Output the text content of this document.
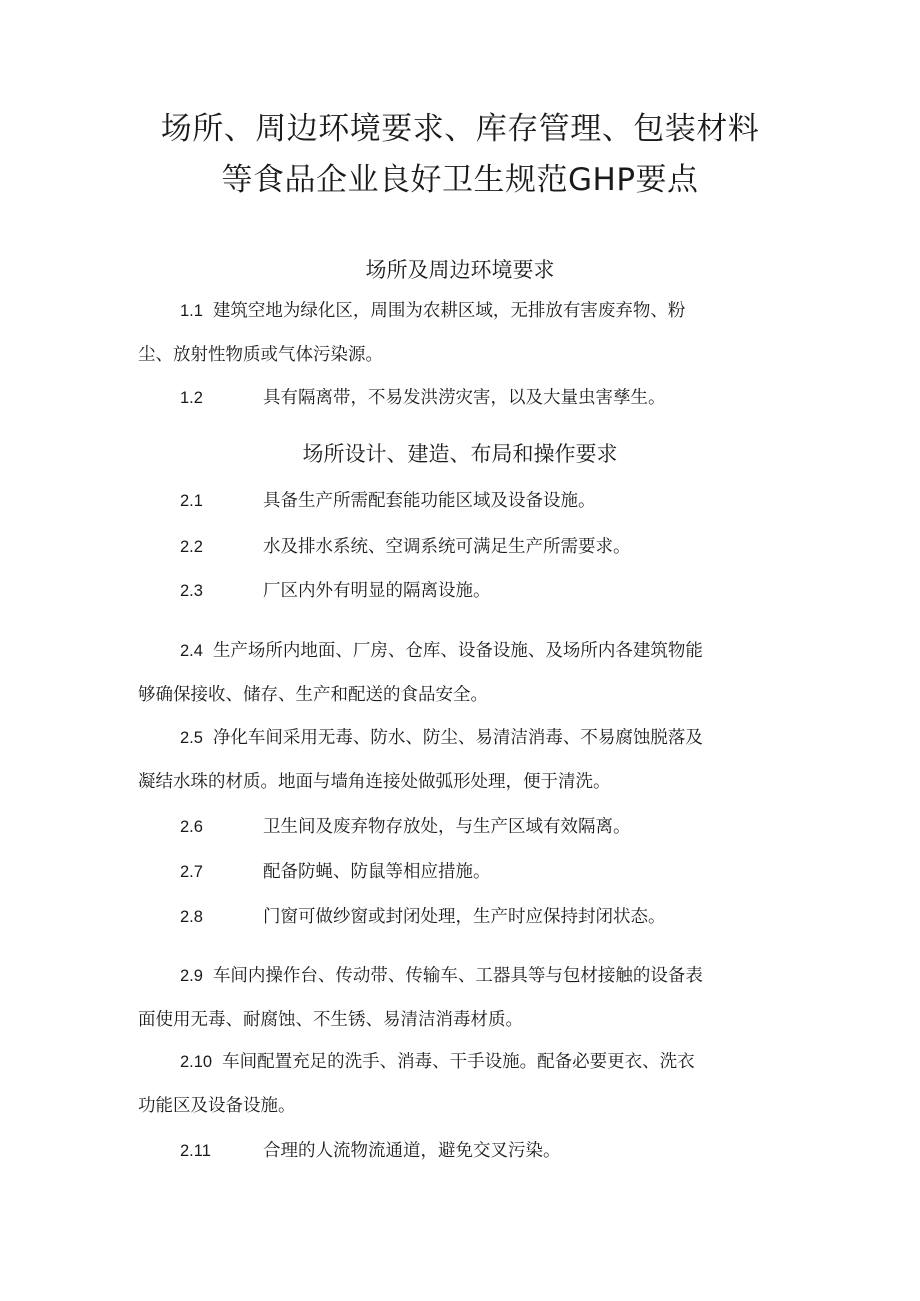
场所、周边环境要求、库存管理、包装材料
等食品企业良好卫生规范GHP要点
场所及周边环境要求
1.1 建筑空地为绿化区，周围为农耕区域，无排放有害废弃物、粉
尘、放射性物质或气体污染源。
1.2	具有隔离带，不易发洪涝灾害，以及大量虫害孳生。
场所设计、建造、布局和操作要求
2.1	具备生产所需配套能功能区域及设备设施。
2.2	水及排水系统、空调系统可满足生产所需要求。
2.3	厂区内外有明显的隔离设施。
2.4 生产场所内地面、厂房、仓库、设备设施、及场所内各建筑物能
够确保接收、储存、生产和配送的食品安全。
2.5 净化车间采用无毒、防水、防尘、易清洁消毒、不易腐蚀脱落及
凝结水珠的材质。地面与墙角连接处做弧形处理，便于清洗。
2.6	卫生间及废弃物存放处，与生产区域有效隔离。
2.7	配备防蝇、防鼠等相应措施。
2.8	门窗可做纱窗或封闭处理，生产时应保持封闭状态。
2.9 车间内操作台、传动带、传输车、工器具等与包材接触的设备表
面使用无毒、耐腐蚀、不生锈、易清洁消毒材质。
2.10 车间配置充足的洗手、消毒、干手设施。配备必要更衣、洗衣
功能区及设备设施。
2.11	合理的人流物流通道，避免交叉污染。
